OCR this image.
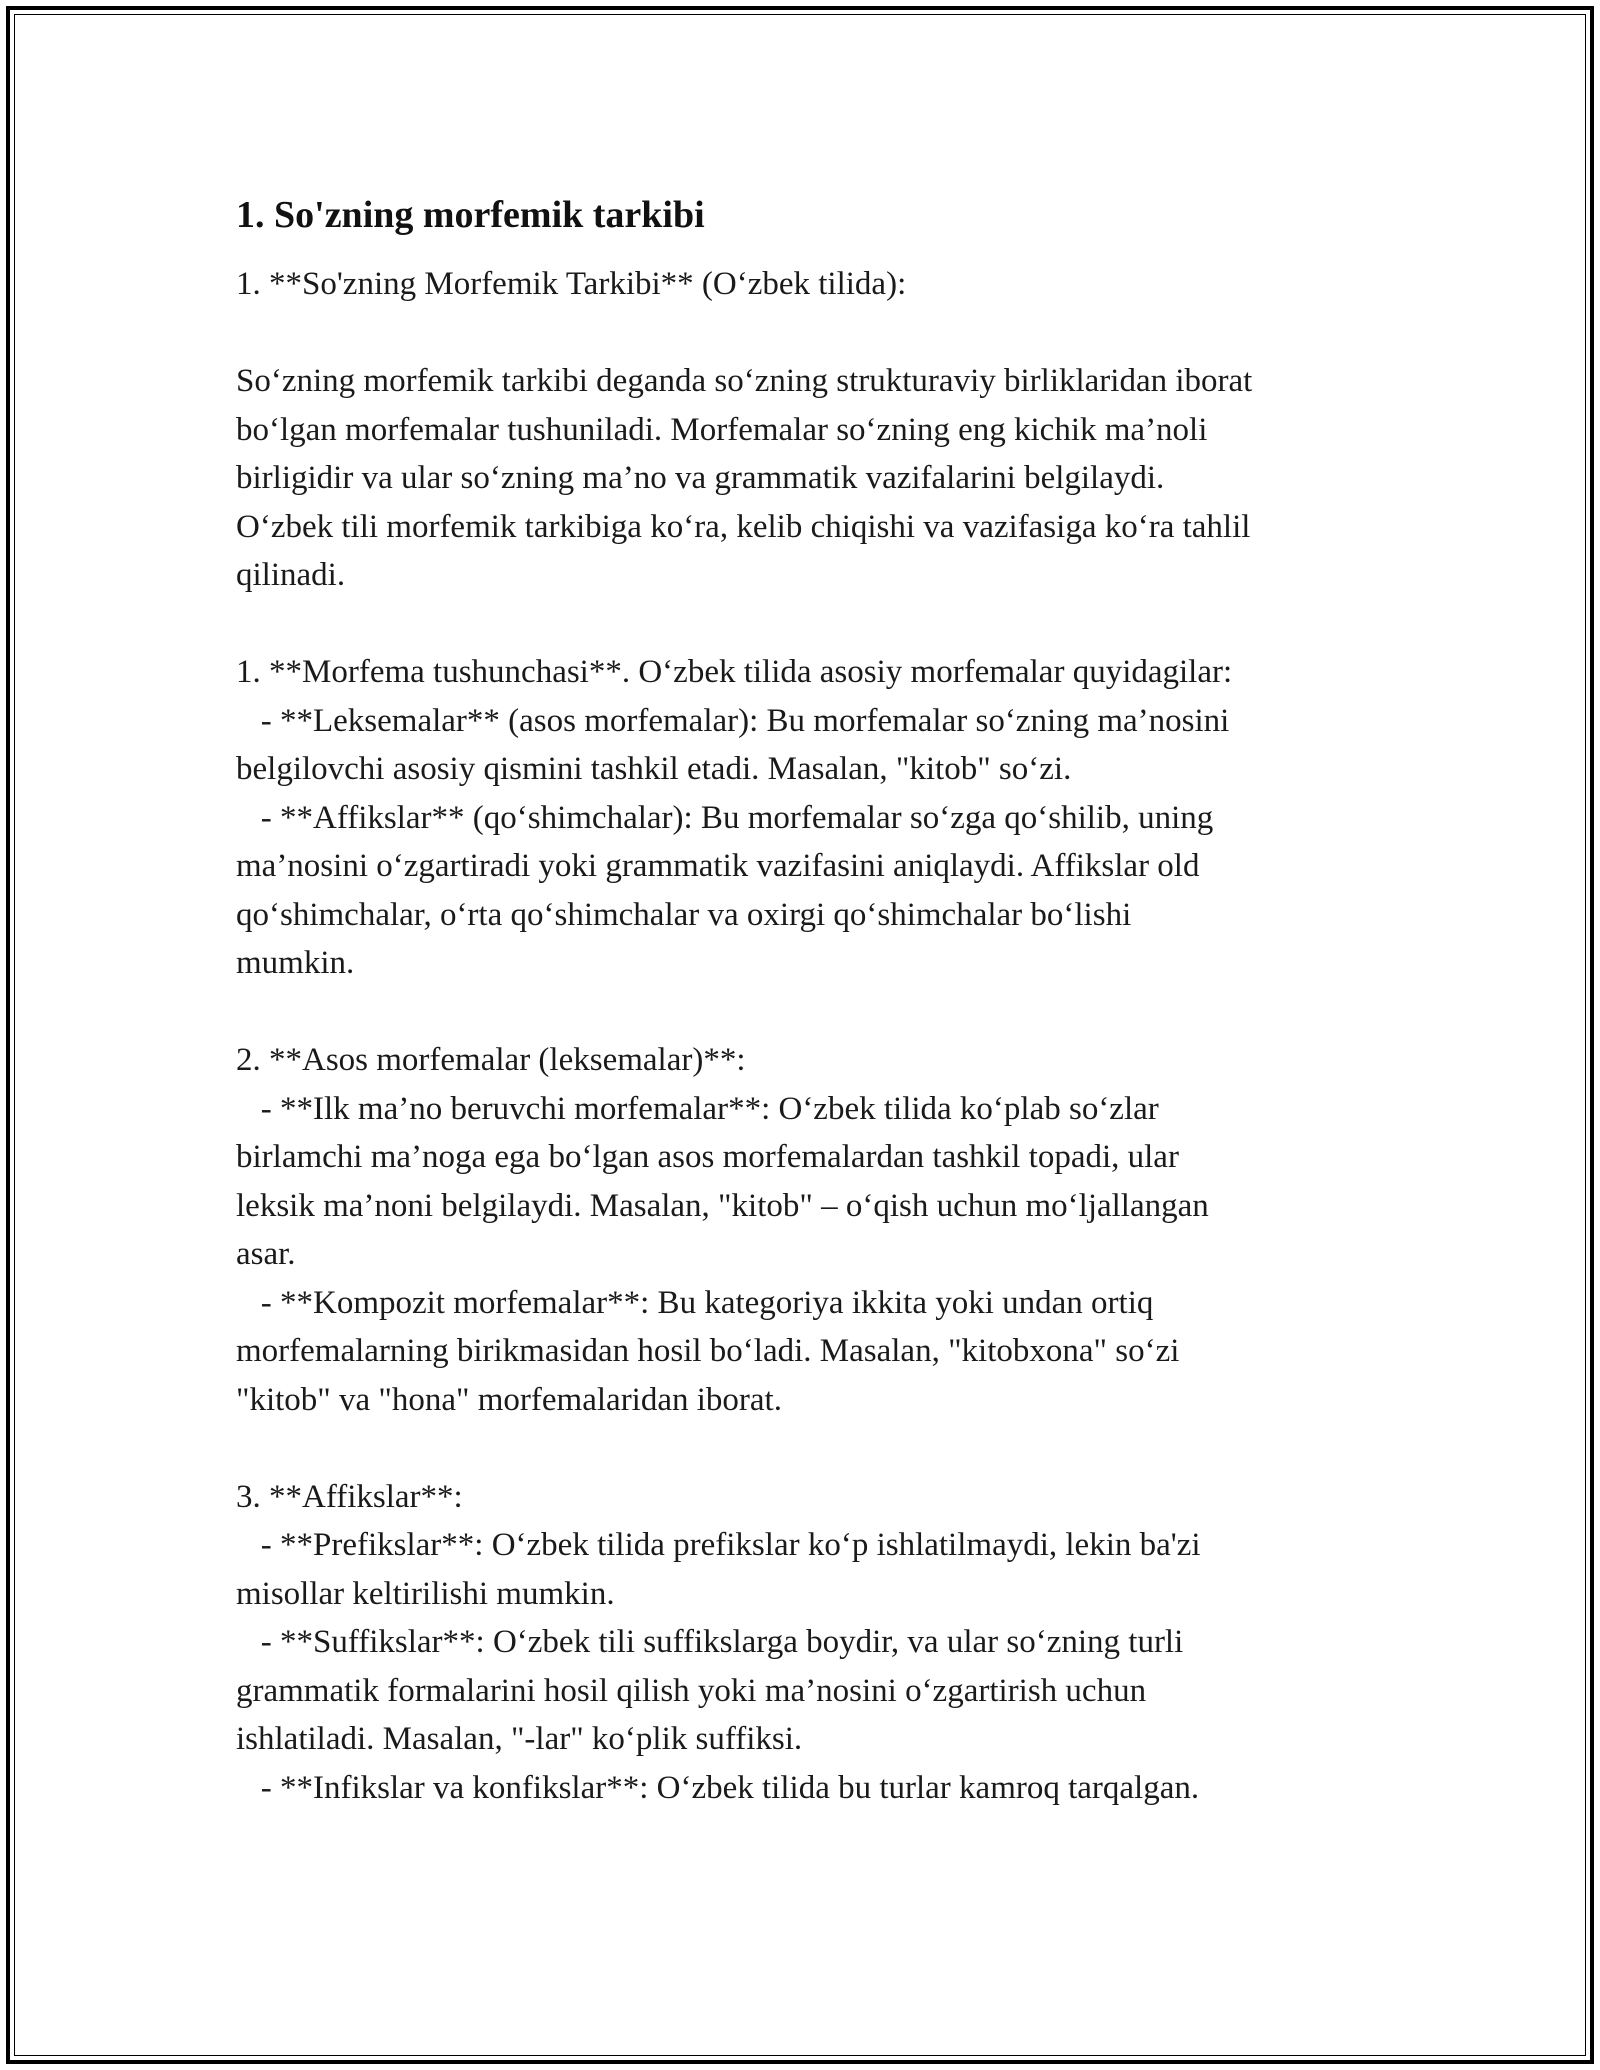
1. So'zning morfemik tarkibi
1. **So'zning Morfemik Tarkibi** (O‘zbek tilida):
So‘zning morfemik tarkibi deganda so‘zning strukturaviy birliklaridan iborat
bo‘lgan morfemalar tushuniladi. Morfemalar so‘zning eng kichik ma’noli
birligidir va ular so‘zning ma’no va grammatik vazifalarini belgilaydi.
O‘zbek tili morfemik tarkibiga ko‘ra, kelib chiqishi va vazifasiga ko‘ra tahlil
qilinadi.
1. **Morfema tushunchasi**. O‘zbek tilida asosiy morfemalar quyidagilar:
- **Leksemalar** (asos morfemalar): Bu morfemalar so‘zning ma’nosini
belgilovchi asosiy qismini tashkil etadi. Masalan, "kitob" so‘zi.
- **Affikslar** (qo‘shimchalar): Bu morfemalar so‘zga qo‘shilib, uning
ma’nosini o‘zgartiradi yoki grammatik vazifasini aniqlaydi. Affikslar old
qo‘shimchalar, o‘rta qo‘shimchalar va oxirgi qo‘shimchalar bo‘lishi
mumkin.
2. **Asos morfemalar (leksemalar)**:
- **Ilk ma’no beruvchi morfemalar**: O‘zbek tilida ko‘plab so‘zlar
birlamchi ma’noga ega bo‘lgan asos morfemalardan tashkil topadi, ular
leksik ma’noni belgilaydi. Masalan, "kitob" – o‘qish uchun mo‘ljallangan
asar.
- **Kompozit morfemalar**: Bu kategoriya ikkita yoki undan ortiq
morfemalarning birikmasidan hosil bo‘ladi. Masalan, "kitobxona" so‘zi
"kitob" va "hona" morfemalaridan iborat.
3. **Affikslar**:
- **Prefikslar**: O‘zbek tilida prefikslar ko‘p ishlatilmaydi, lekin ba'zi
misollar keltirilishi mumkin.
- **Suffikslar**: O‘zbek tili suffikslarga boydir, va ular so‘zning turli
grammatik formalarini hosil qilish yoki ma’nosini o‘zgartirish uchun
ishlatiladi. Masalan, "-lar" ko‘plik suffiksi.
- **Infikslar va konfikslar**: O‘zbek tilida bu turlar kamroq tarqalgan.
